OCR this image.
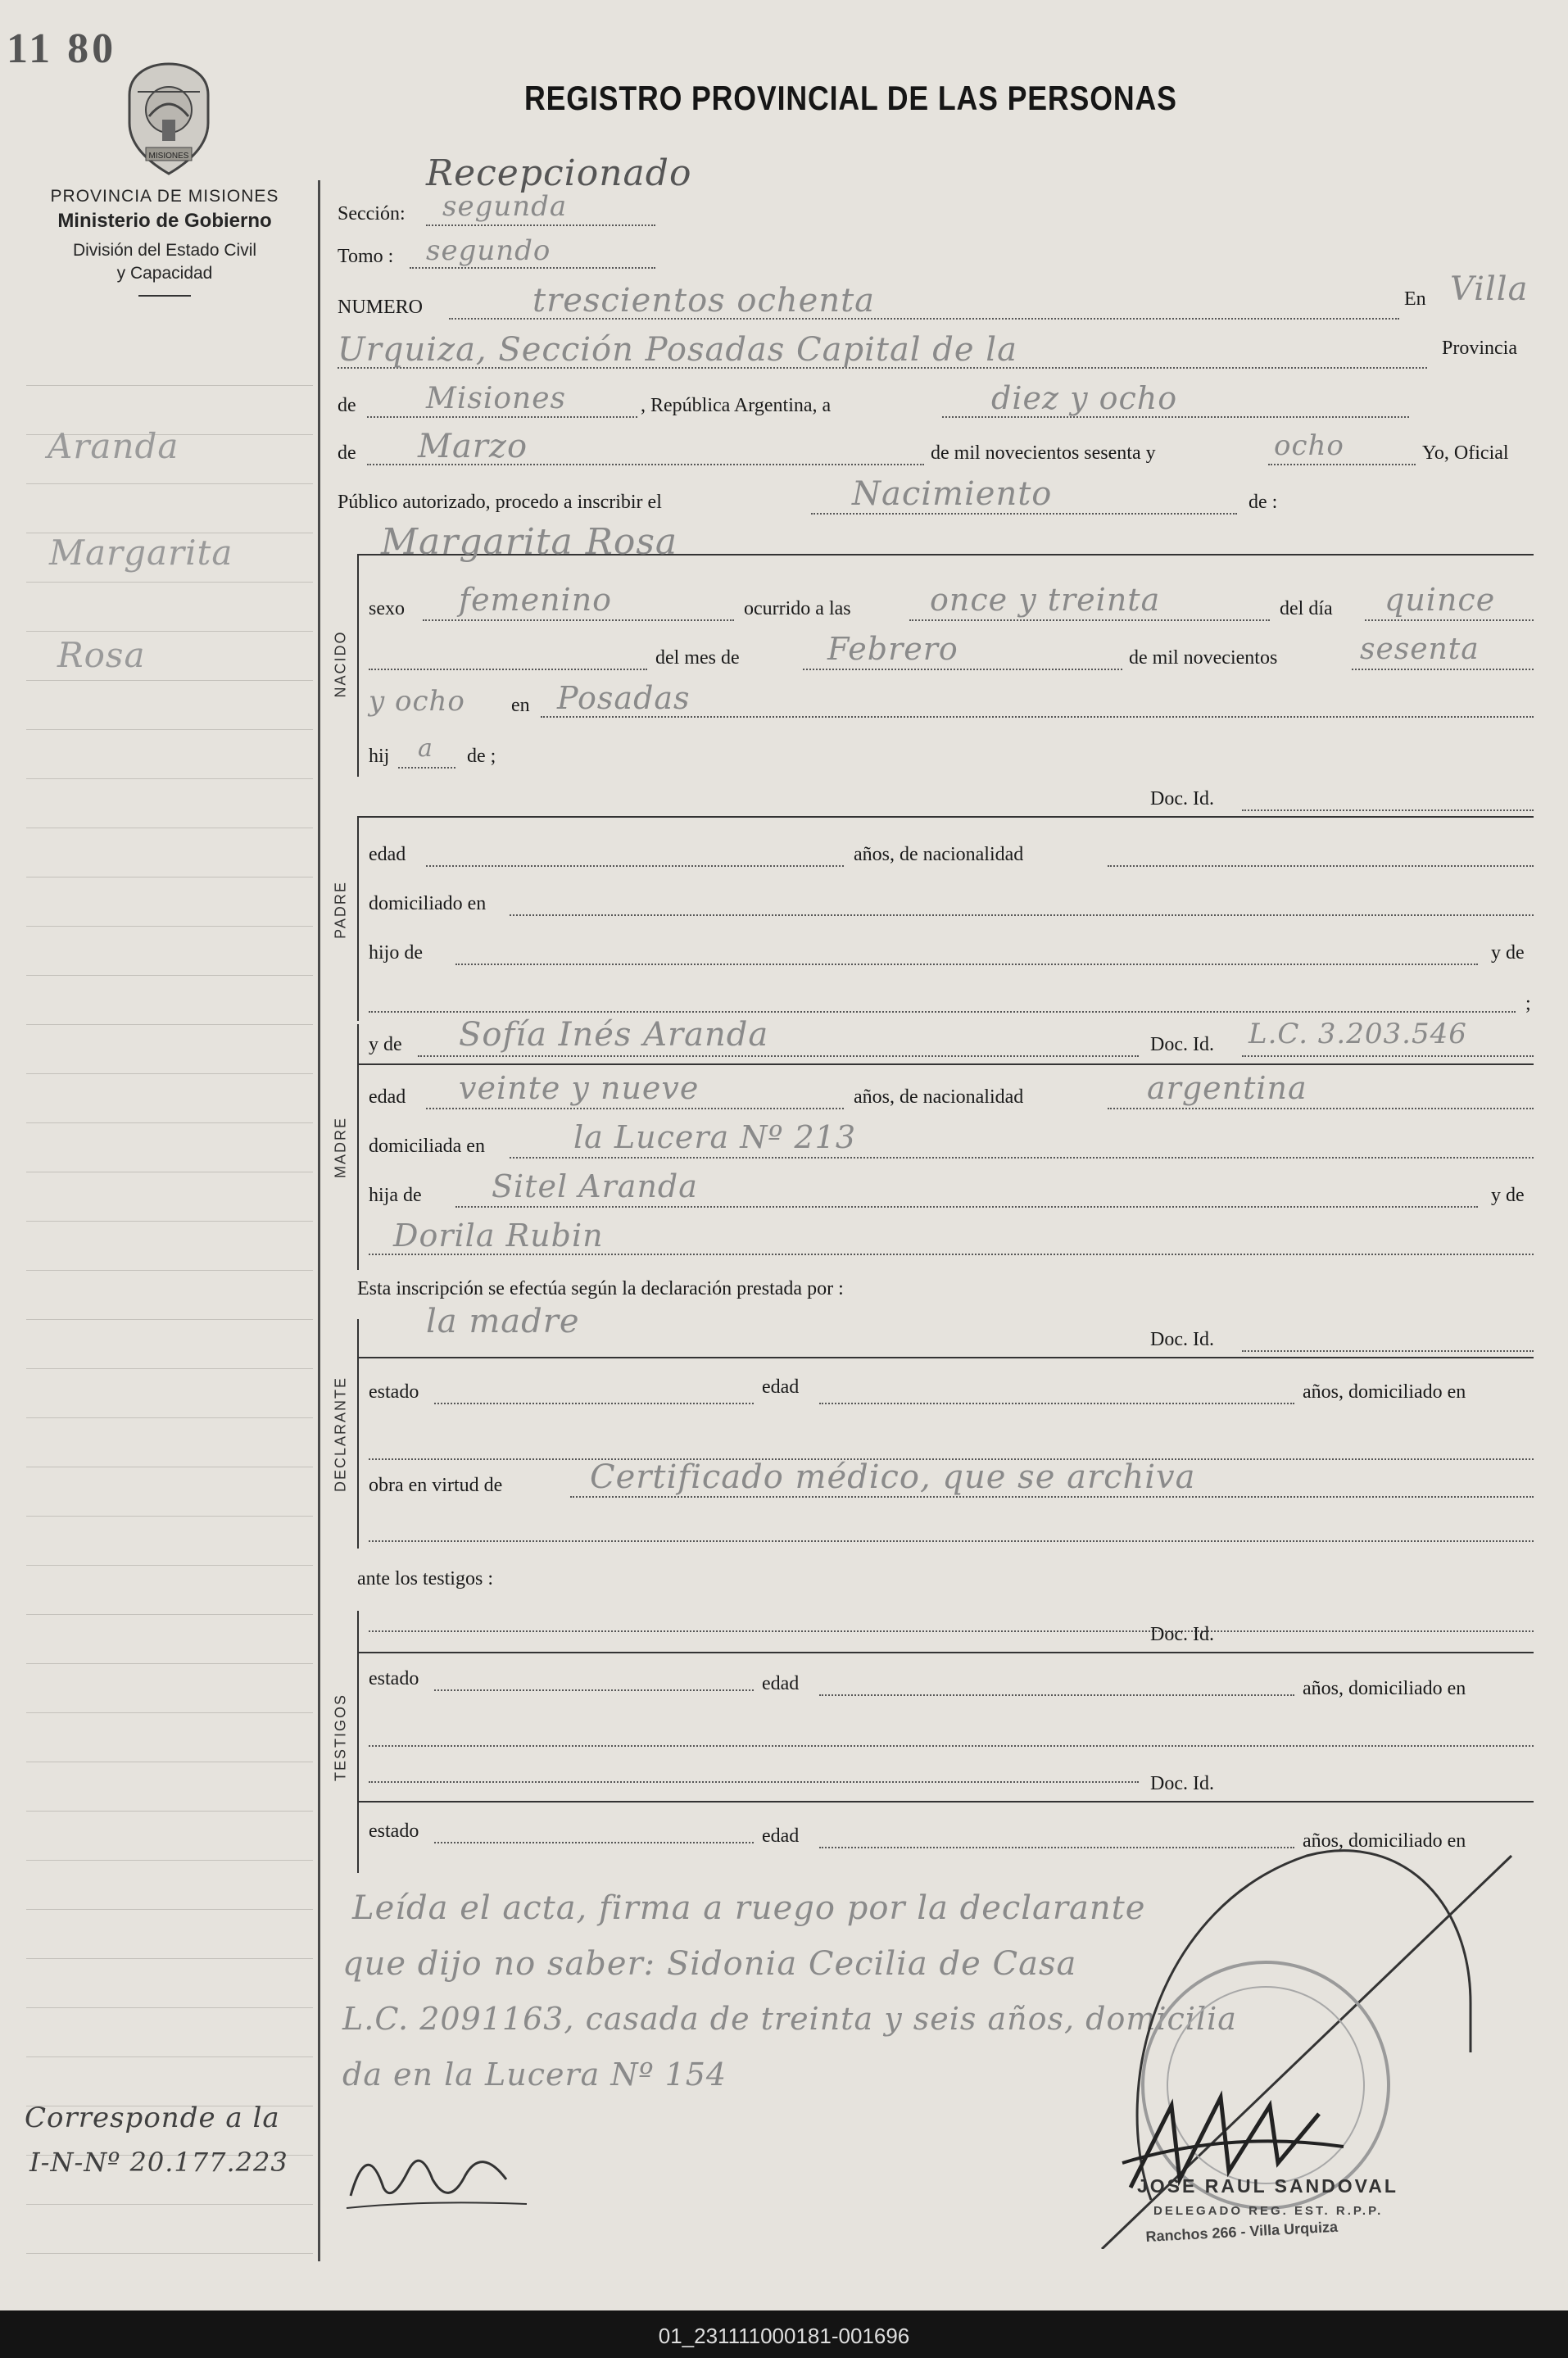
11 80
MISIONES
PROVINCIA DE MISIONES
Ministerio de Gobierno
División del Estado Civil
y Capacidad
REGISTRO PROVINCIAL DE LAS PERSONAS
Aranda
Margarita
Rosa
Corresponde a la
I-N-Nº 20.177.223
Recepcionado
Sección: segunda
Tomo : segundo
NUMERO	trescientos ochenta	En Villa
Urquiza, Sección Posadas Capital de la	Provincia
de Misiones	, República Argentina, a	diez y ocho
de Marzo	de mil novecientos sesenta y	ocho	Yo, Oficial
Público autorizado, procedo a inscribir el	Nacimiento	de :
NACIDO
Margarita Rosa
sexo femenino	ocurrido a las	once y treinta	del día quince
del mes de	Febrero	de mil novecientos	sesenta
y ocho en Posadas
hij a de ;
Doc. Id.
PADRE
edad	años, de nacionalidad
domiciliado en
hijo de	y de
;
y de Sofía Inés Aranda	Doc. Id. L.C. 3.203.546
MADRE
edad veinte y nueve	años, de nacionalidad	argentina
domiciliada en	la Lucera Nº 213
hija de Sitel Aranda	y de
Dorila Rubin
Esta inscripción se efectúa según la declaración prestada por :
la madre	Doc. Id.
DECLARANTE estado	edad	años, domiciliado en
obra en virtud de	Certificado médico, que se archiva
ante los testigos :
TESTIGOS
Doc. Id.
estado	edad	años, domiciliado en
Doc. Id.
estado	edad	años, domiciliado en
Leída el acta, firma a ruego por la declarante
que dijo no saber: Sidonia Cecilia de Casa
L.C. 2091163, casada de treinta y seis años, domicilia
da en la Lucera Nº 154
JOSE RAUL SANDOVAL
DELEGADO REG. EST. R.P.P.
Ranchos 266 - Villa Urquiza
01_231111000181-001696
